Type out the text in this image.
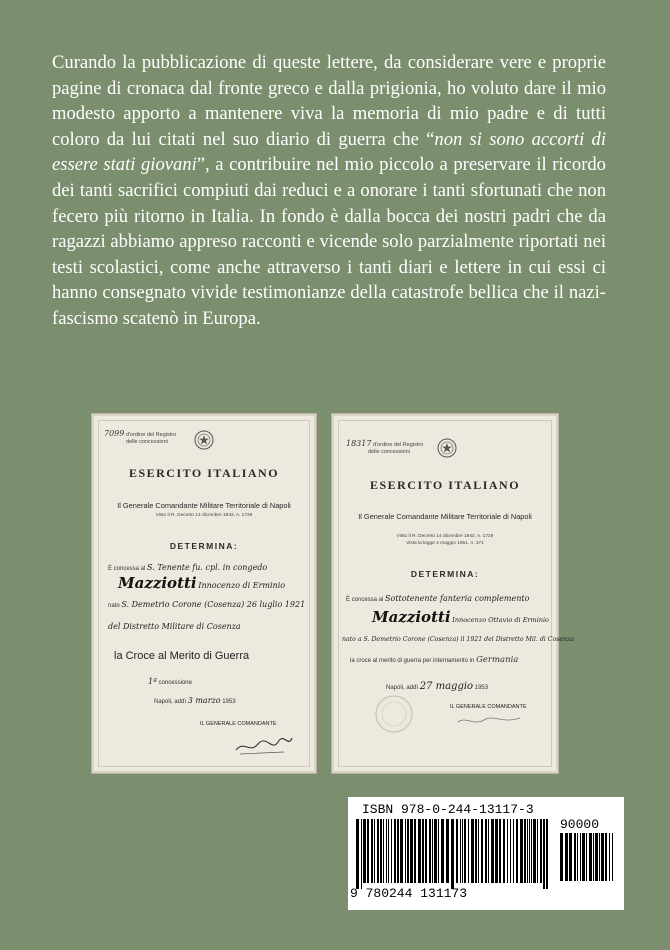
Curando la pubblicazione di queste lettere, da considerare vere e proprie pagine di cronaca dal fronte greco e dalla prigionia, ho voluto dare il mio modesto apporto a mantenere viva la memoria di mio padre e di tutti coloro da lui citati nel suo diario di guerra che “non si sono accorti di essere stati giovani”, a contribuire nel mio piccolo a preservare il ricordo dei tanti sacrifici compiuti dai reduci e a onorare i tanti sfortunati che non fecero più ritorno in Italia. In fondo è dalla bocca dei nostri padri che da ragazzi abbiamo appreso racconti e vicende solo parzialmente riportati nei testi scolastici, come anche attraverso i tanti diari e lettere in cui essi ci hanno consegnato vivide testimonianze della catastrofe bellica che il nazi-fascismo scatenò in Europa.

7099 d'ordine del Registro
delle concessioni
ESERCITO ITALIANO
Il Generale Comandante Militare Territoriale di Napoli
Visto il R. Decreto 14 dicembre 1942, n. 1729
DETERMINA:
È concessa al S. Tenente fu. cpl. in congedo
Mazziotti Innocenzo di Erminio
nato S. Demetrio Corone (Cosenza) 26 luglio 1921
del Distretto Militare di Cosenza
la Croce al Merito di Guerra
1ª concessione
Napoli, addì 3 marzo 1953
IL GENERALE COMANDANTE
18317 d'ordine del Registro
delle concessioni
ESERCITO ITALIANO
Il Generale Comandante Militare Territoriale di Napoli
Visto il R. Decreto 14 dicembre 1942, n. 1729
Vista la legge 4 maggio 1951, n. 371
DETERMINA:
È concessa al Sottotenente fanteria complemento
Mazziotti Innocenzo Ottavio di Erminio
nato a S. Demetrio Corone (Cosenza) il 1921 del Distretto Mil. di Cosenza
la croce al merito di guerra per internamento in Germania
Napoli, addì 27 maggio 1953
IL GENERALE COMANDANTE
ISBN 978-0-244-13117-3
90000
9 780244 131173
